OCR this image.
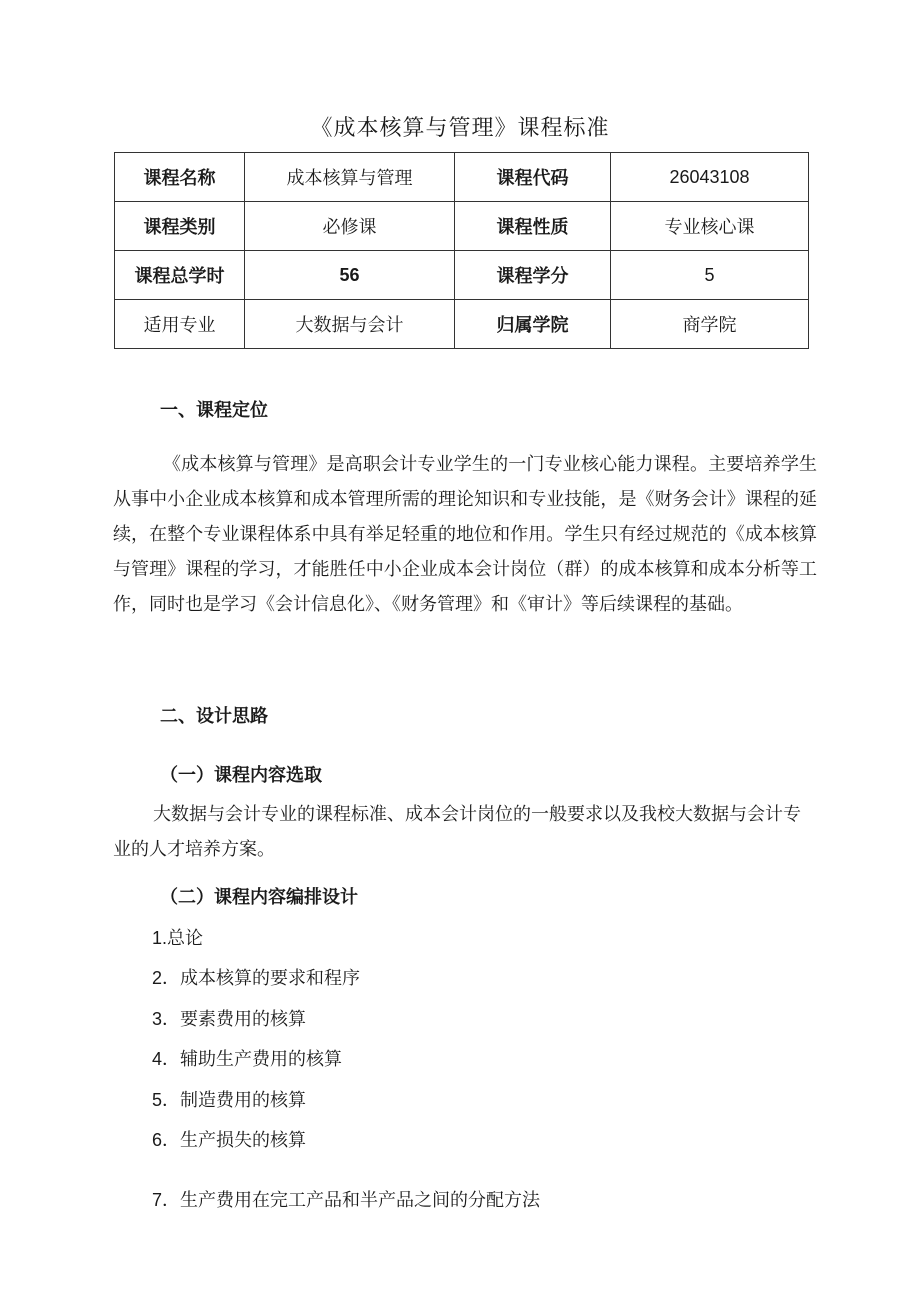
《成本核算与管理》课程标准
课程名称	成本核算与管理	课程代码	26043108
课程类别	必修课	课程性质	专业核心课
课程总学时	56	课程学分	5
适用专业	大数据与会计	归属学院	商学院
一、课程定位

《成本核算与管理》是高职会计专业学生的一门专业核心能力课程。主要培养学生从事中小企业成本核算和成本管理所需的理论知识和专业技能，是《财务会计》课程的延续，在整个专业课程体系中具有举足轻重的地位和作用。学生只有经过规范的《成本核算与管理》课程的学习，才能胜任中小企业成本会计岗位（群）的成本核算和成本分析等工作，同时也是学习《会计信息化》、《财务管理》和《审计》等后续课程的基础。

二、设计思路
（一）课程内容选取

大数据与会计专业的课程标准、成本会计岗位的一般要求以及我校大数据与会计专业的人才培养方案。

（二）课程内容编排设计
1.总论
2．成本核算的要求和程序
3．要素费用的核算
4．辅助生产费用的核算
5．制造费用的核算
6．生产损失的核算
7．生产费用在完工产品和半产品之间的分配方法
